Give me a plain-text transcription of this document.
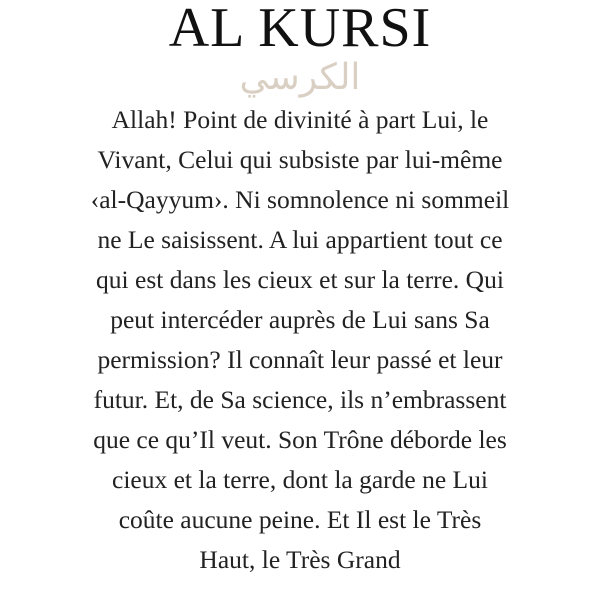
AL KURSI
الكرسي
Allah! Point de divinité à part Lui, le
Vivant, Celui qui subsiste par lui-même
‹al-Qayyum›. Ni somnolence ni sommeil
ne Le saisissent. A lui appartient tout ce
qui est dans les cieux et sur la terre. Qui
peut intercéder auprès de Lui sans Sa
permission? Il connaît leur passé et leur
futur. Et, de Sa science, ils n’embrassent
que ce qu’Il veut. Son Trône déborde les
cieux et la terre, dont la garde ne Lui
coûte aucune peine. Et Il est le Très
Haut, le Très Grand
